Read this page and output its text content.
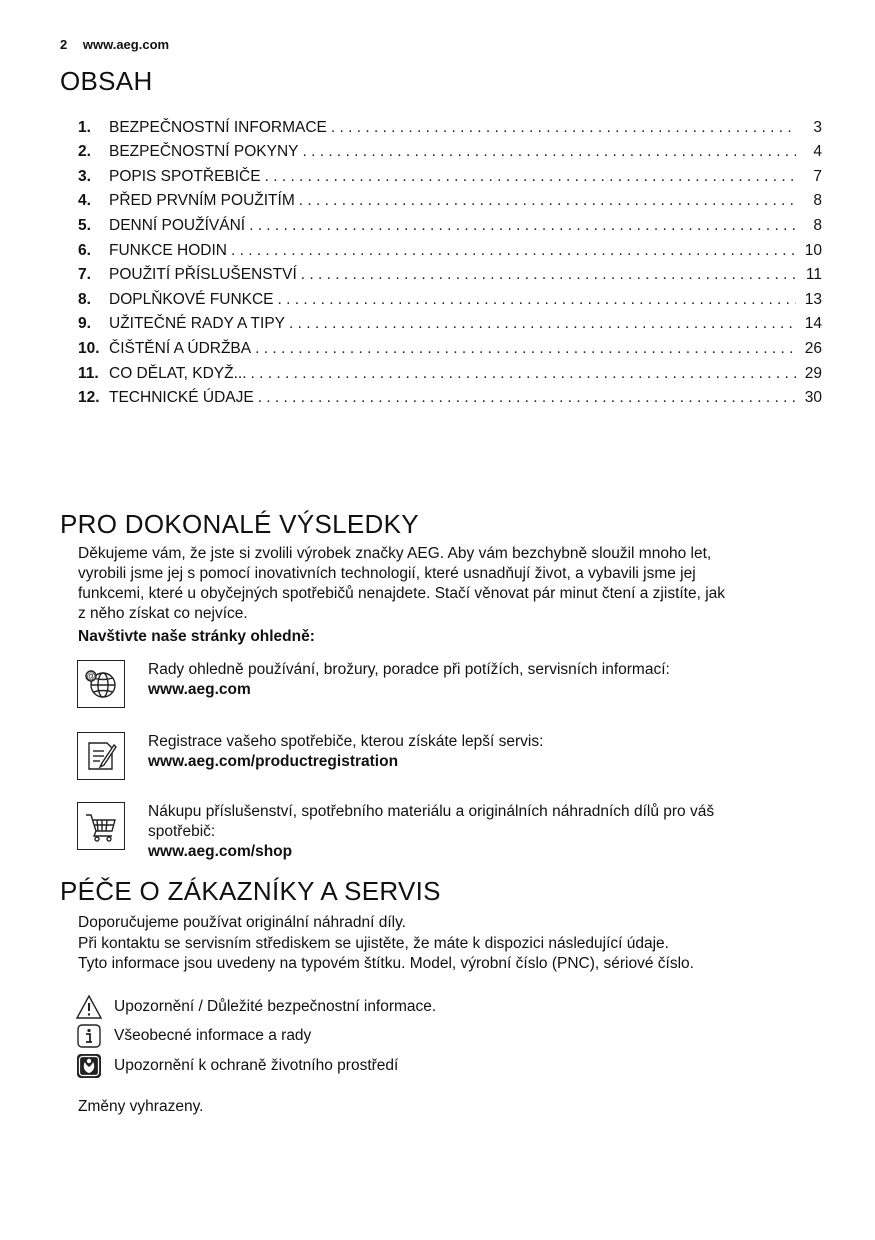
2 www.aeg.com
OBSAH
1.	BEZPEČNOSTNÍ INFORMACE . . .	3
2.	BEZPEČNOSTNÍ POKYNY . . .	4
3.	POPIS SPOTŘEBIČE . . .	7
4.	PŘED PRVNÍM POUŽITÍM . . .	8
5.	DENNÍ POUŽÍVÁNÍ . . .	8
6.	FUNKCE HODIN . . .	10
7.	POUŽITÍ PŘÍSLUŠENSTVÍ . . .	11
8.	DOPLŇKOVÉ FUNKCE . . .	13
9.	UŽITEČNÉ RADY A TIPY . . .	14
10. ČIŠTĚNÍ A ÚDRŽBA . . .	26
11. CO DĚLAT, KDYŽ... . . .	29
12. TECHNICKÉ ÚDAJE . . .	30
PRO DOKONALÉ VÝSLEDKY
Děkujeme vám, že jste si zvolili výrobek značky AEG. Aby vám bezchybně sloužil mnoho let,
vyrobili jsme jej s pomocí inovativních technologií, které usnadňují život, a vybavili jsme jej
funkcemi, které u obyčejných spotřebičů nenajdete. Stačí věnovat pár minut čtení a zjistíte, jak
z něho získat co nejvíce.
Navštivte naše stránky ohledně:
@	Rady ohledně používání, brožury, poradce při potížích, servisních informací:
www.aeg.com
Registrace vašeho spotřebiče, kterou získáte lepší servis:
www.aeg.com/productregistration
Nákupu příslušenství, spotřebního materiálu a originálních náhradních dílů pro váš
spotřebič:
www.aeg.com/shop
PÉČE O ZÁKAZNÍKY A SERVIS
Doporučujeme používat originální náhradní díly.
Při kontaktu se servisním střediskem se ujistěte, že máte k dispozici následující údaje.
Tyto informace jsou uvedeny na typovém štítku. Model, výrobní číslo (PNC), sériové číslo.
Upozornění / Důležité bezpečnostní informace.
Všeobecné informace a rady
Upozornění k ochraně životního prostředí
Změny vyhrazeny.
